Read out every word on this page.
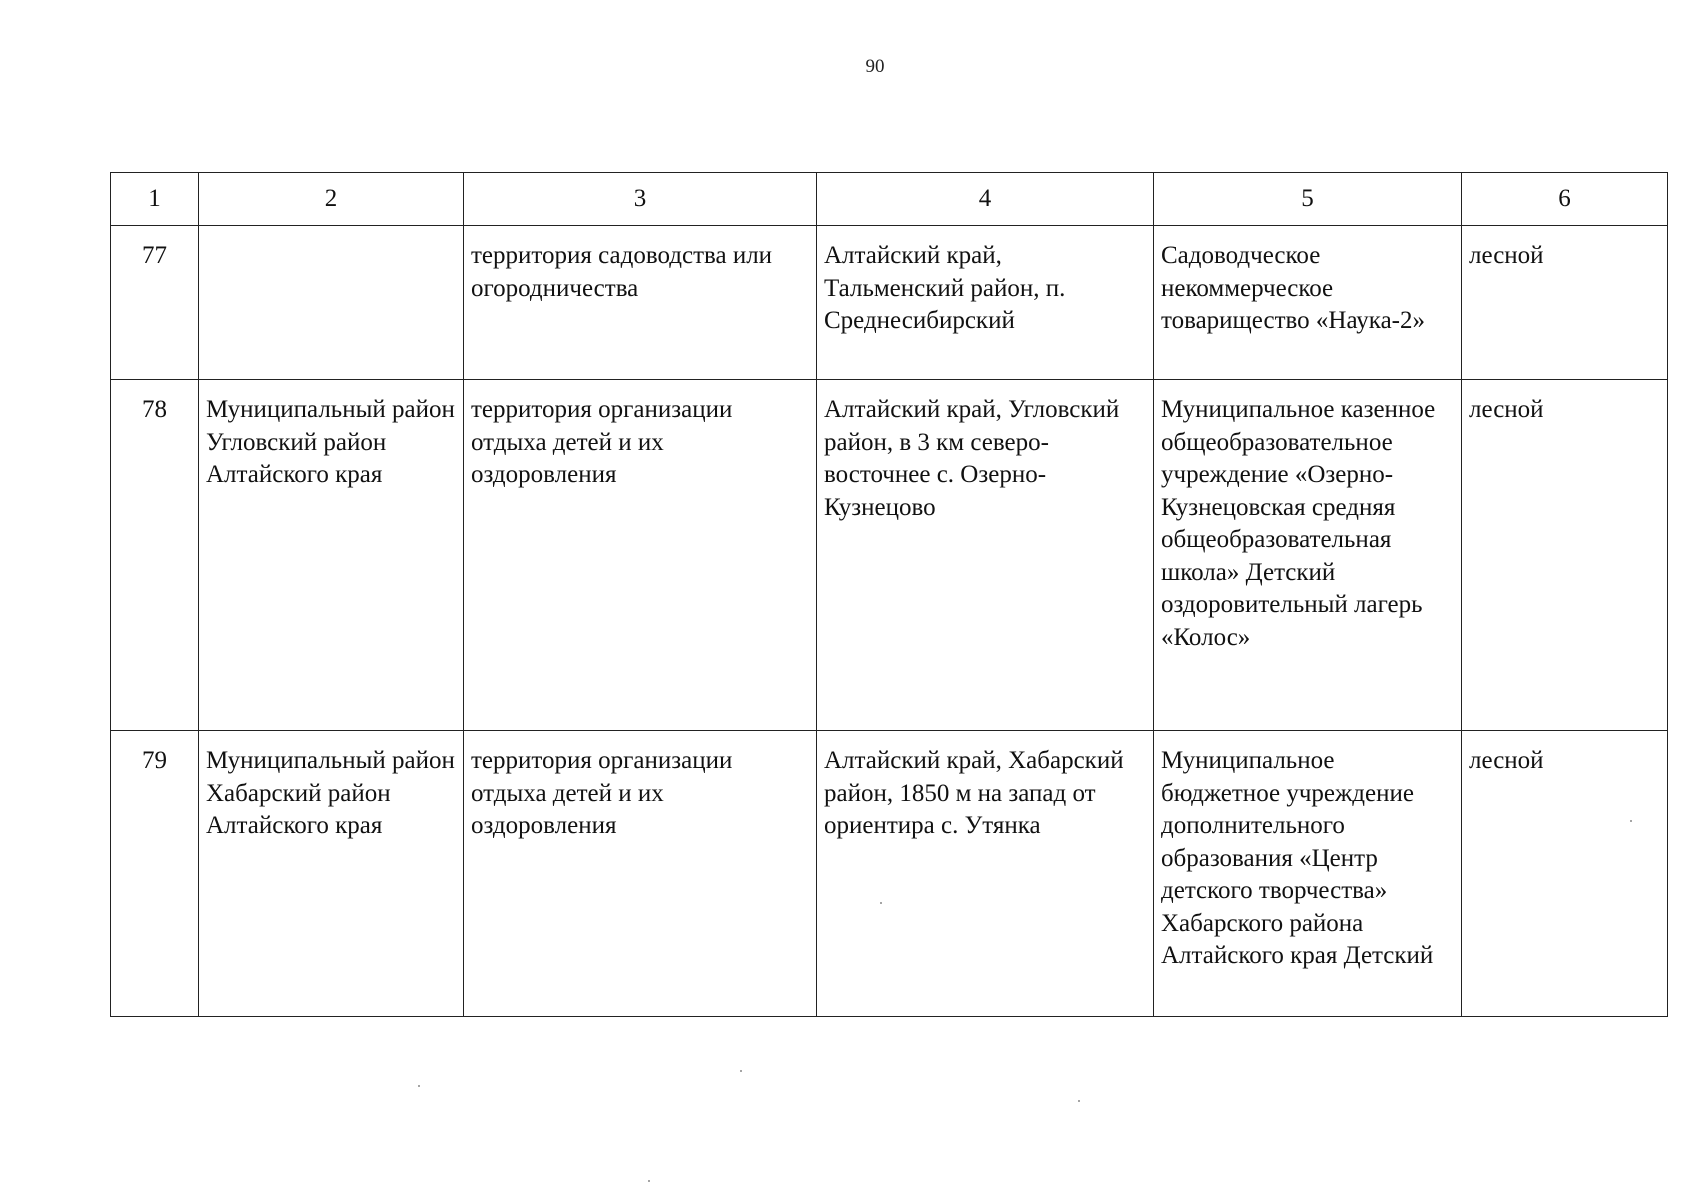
90
1	2	3	4	5	6
77		территория садоводства или огородничества	Алтайский край, Тальменский район, п. Среднесибирский	Садоводческое некоммерческое товарищество «Наука-2»	лесной
78	Муниципальный район Угловский район Алтайского края	территория организации отдыха детей и их оздоровления	Алтайский край, Угловский район, в 3 км северо-восточнее с. Озерно-Кузнецово	Муниципальное казенное общеобразовательное учреждение «Озерно-Кузнецовская средняя общеобразовательная школа» Детский оздоровительный лагерь «Колос»	лесной
79	Муниципальный район Хабарский район Алтайского края	территория организации отдыха детей и их оздоровления	Алтайский край, Хабарский район, 1850 м на запад от ориентира с. Утянка	Муниципальное бюджетное учреждение дополнительного образования «Центр детского творчества» Хабарского района Алтайского края Детский	лесной
